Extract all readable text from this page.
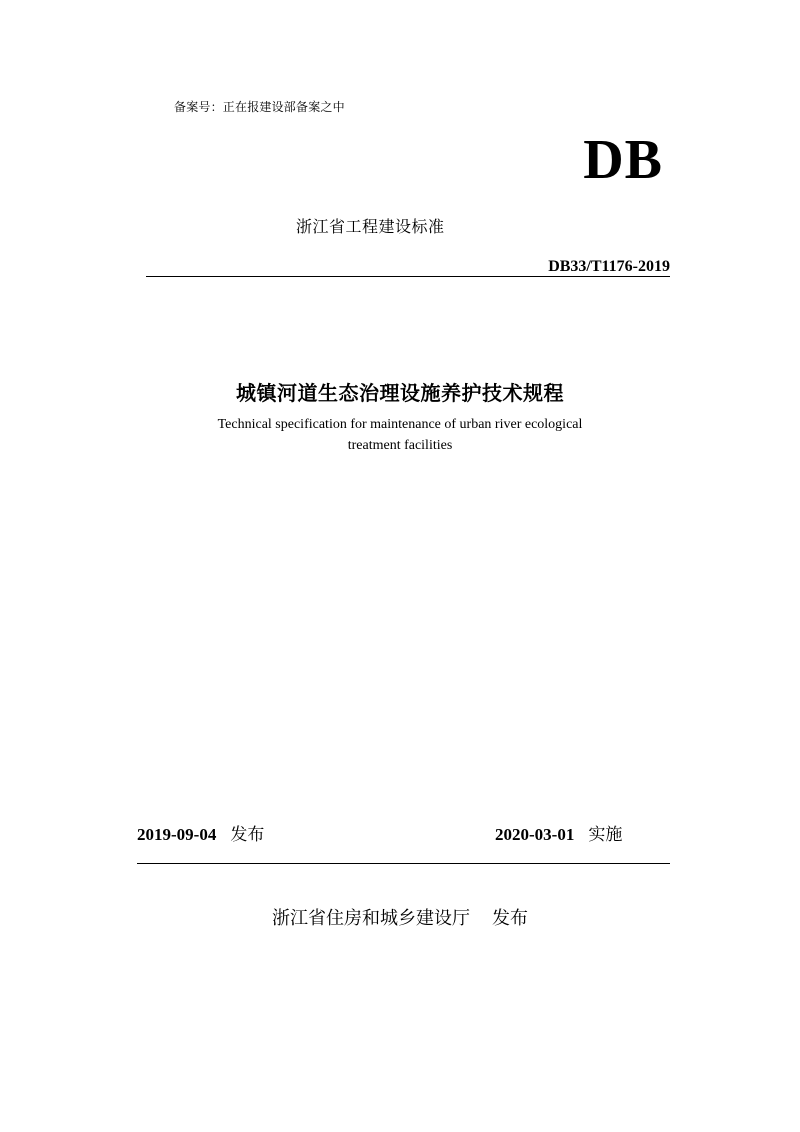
备案号：正在报建设部备案之中
DB
浙江省工程建设标准
DB33/T1176-2019
城镇河道生态治理设施养护技术规程
Technical specification for maintenance of urban river ecological
treatment facilities
2019-09-04 发布	2020-03-01 实施
浙江省住房和城乡建设厅 发布
